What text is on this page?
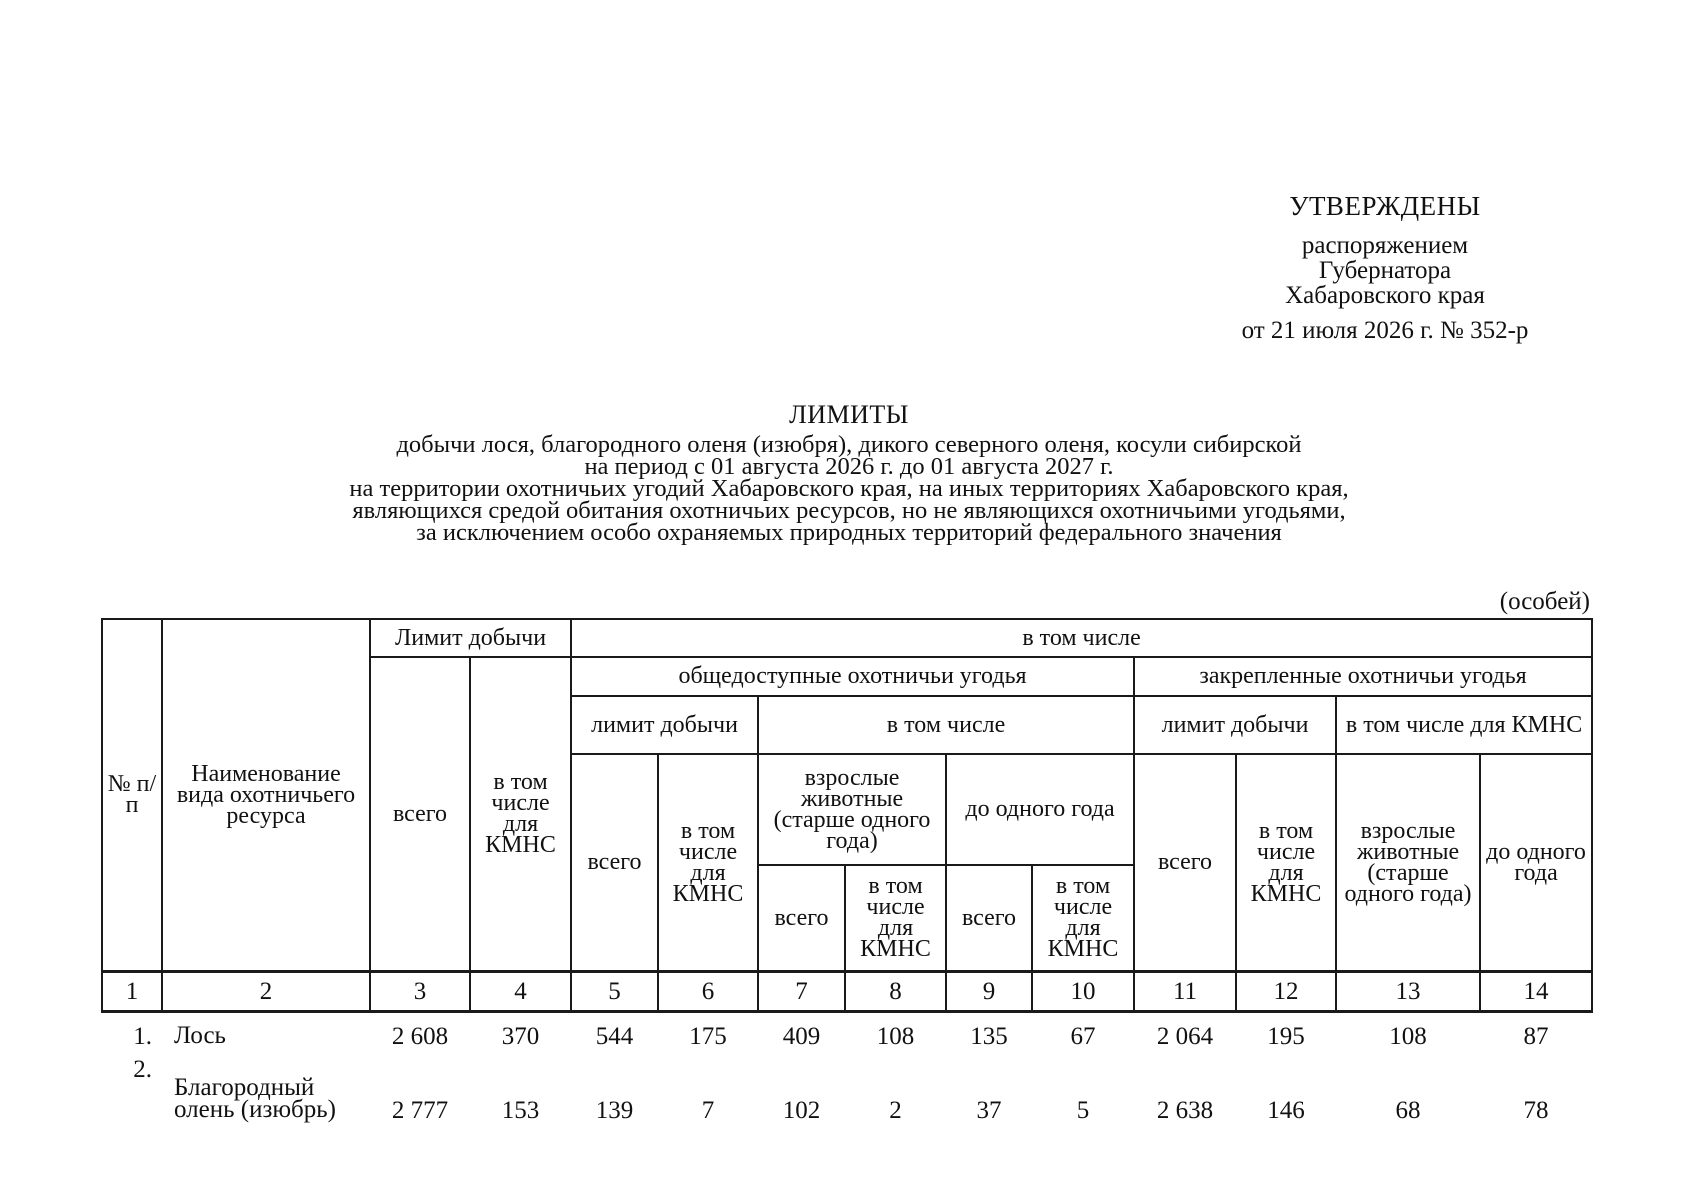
УТВЕРЖДЕНЫ
распоряжением
Губернатора
Хабаровского края
от 21 июля 2026 г. № 352-р
ЛИМИТЫ
добычи лося, благородного оленя (изюбря), дикого северного оленя, косули сибирской
на период с 01 августа 2026 г. до 01 августа 2027 г.
на территории охотничьих угодий Хабаровского края, на иных территориях Хабаровского края,
являющихся средой обитания охотничьих ресурсов, но не являющихся охотничьими угодьями,
за исключением особо охраняемых природных территорий федерального значения
(особей)
№ п/п	Наименование вида охотничьего ресурса	Лимит добычи		в том числе									
		всего	в том числе для КМНС	общедоступные охотничьи угодья						закрепленные охотничьи угодья			
				лимит добычи		в том числе				лимит добычи		в том числе для КМНС	
				всего	в том числе для КМНС	взрослые животные (старше одного года)		до одного года		всего	в том числе для КМНС	взрослые животные (старше одного года)	до одного года
						всего	в том числе для КМНС	всего	в том числе для КМНС				
1	2	3	4	5	6	7	8	9	10	11	12	13	14
1.	Лось	2 608	370	544	175	409	108	135	67	2 064	195	108	87
2.	Благородный
олень (изюбрь)	2 777	153	139	7	102	2	37	5	2 638	146	68	78
